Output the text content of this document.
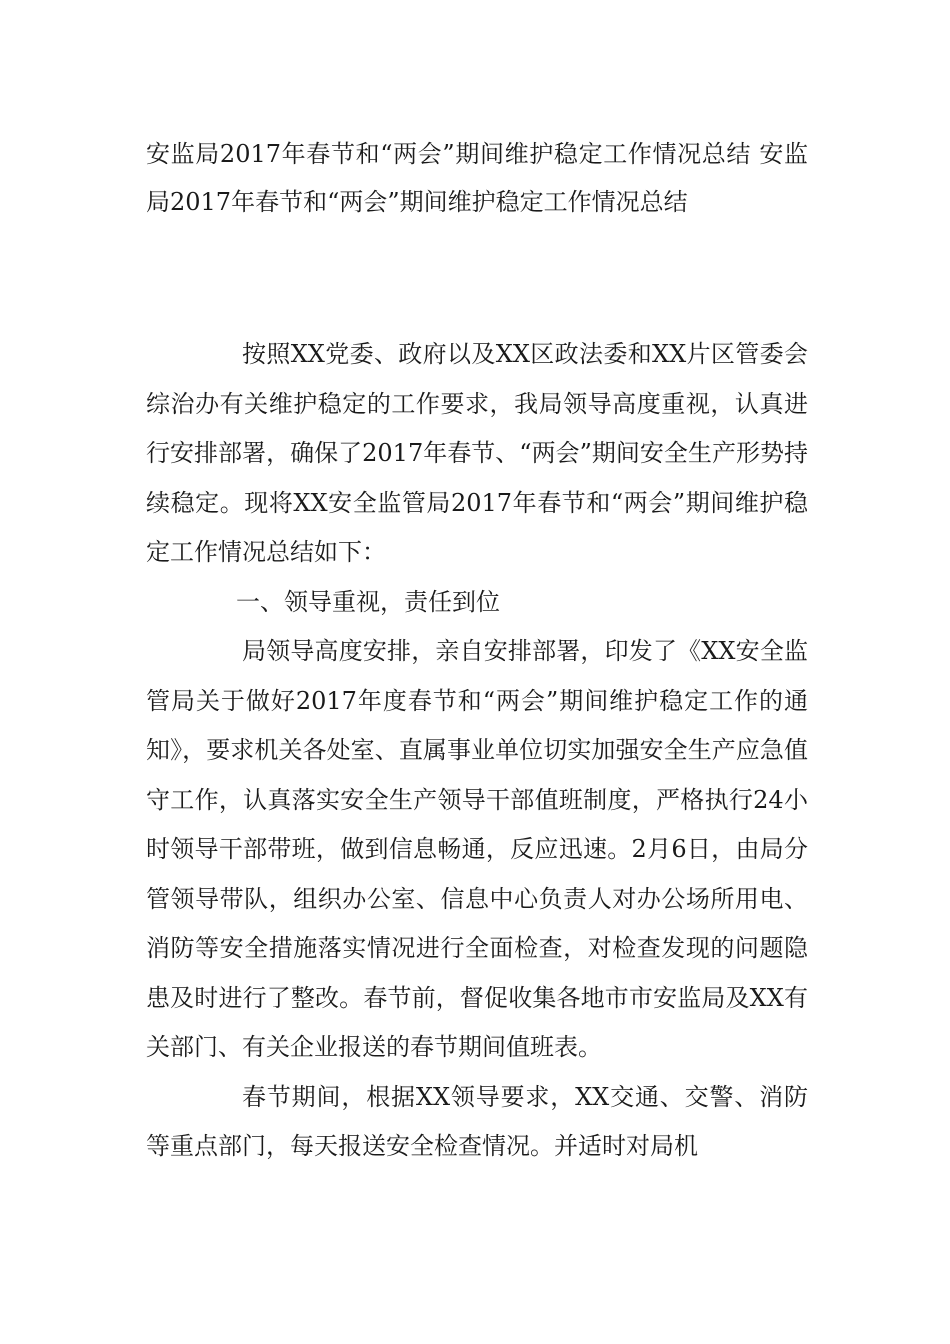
安监局2017年春节和“两会”期间维护稳定工作情况总结 安监局2017年春节和“两会”期间维护稳定工作情况总结

按照XX党委、政府以及XX区政法委和XX片区管委会综治办有关维护稳定的工作要求，我局领导高度重视，认真进行安排部署，确保了2017年春节、“两会”期间安全生产形势持续稳定。现将XX安全监管局2017年春节和“两会”期间维护稳定工作情况总结如下：

一、领导重视，责任到位

局领导高度安排，亲自安排部署，印发了《XX安全监管局关于做好2017年度春节和“两会”期间维护稳定工作的通知》，要求机关各处室、直属事业单位切实加强安全生产应急值守工作，认真落实安全生产领导干部值班制度，严格执行24小时领导干部带班，做到信息畅通，反应迅速。2月6日，由局分管领导带队，组织办公室、信息中心负责人对办公场所用电、消防等安全措施落实情况进行全面检查，对检查发现的问题隐患及时进行了整改。春节前，督促收集各地市市安监局及XX有关部门、有关企业报送的春节期间值班表。

春节期间，根据XX领导要求，XX交通、交警、消防等重点部门，每天报送安全检查情况。并适时对局机
